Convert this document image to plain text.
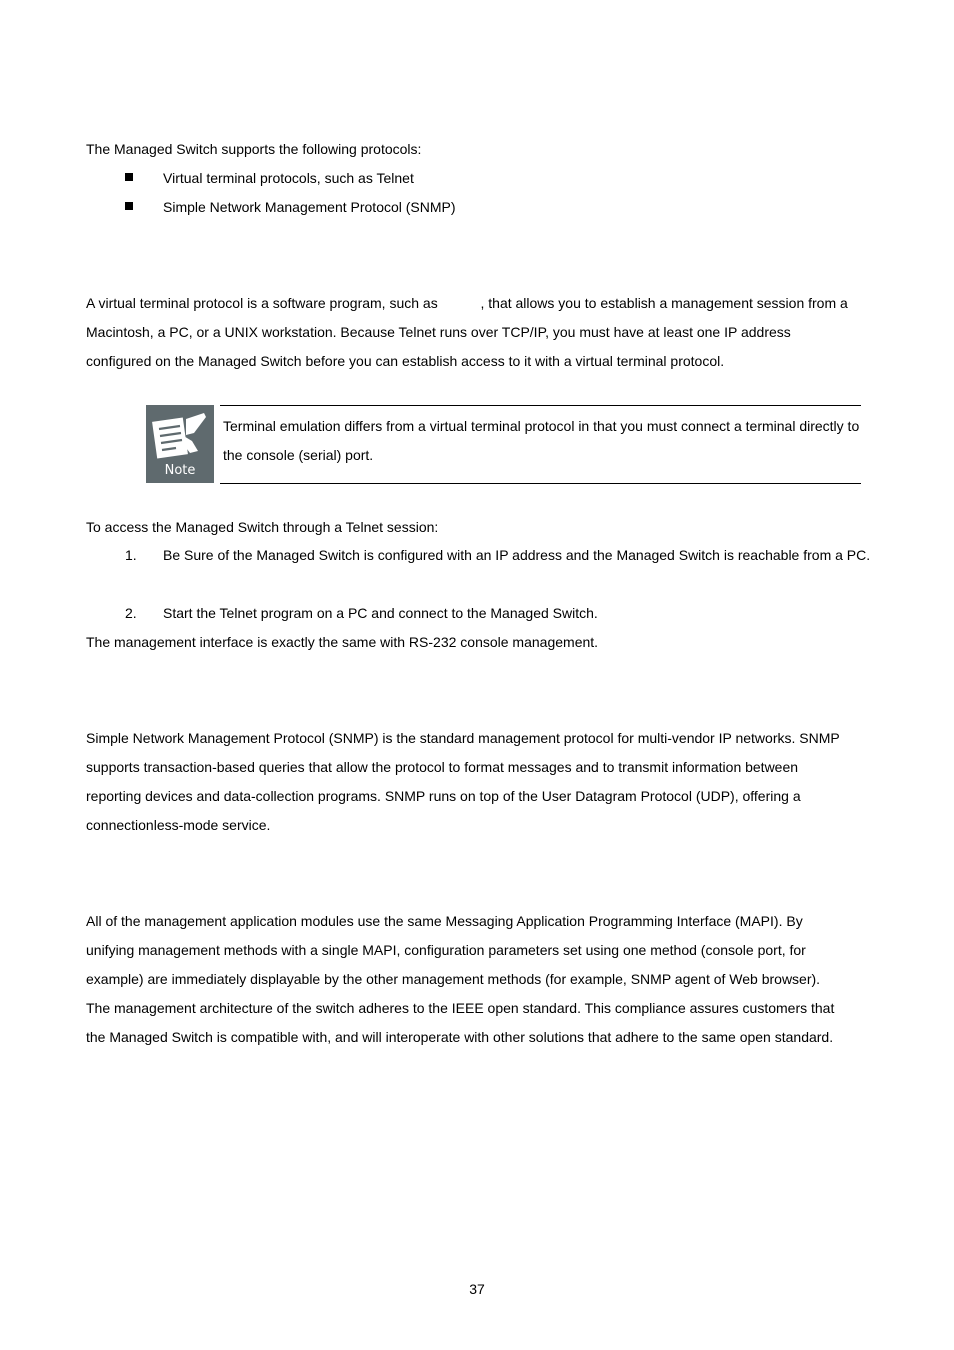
The Managed Switch supports the following protocols:
Virtual terminal protocols, such as Telnet
Simple Network Management Protocol (SNMP)
A virtual terminal protocol is a software program, such as           , that allows you to establish a management session from a
Macintosh, a PC, or a UNIX workstation. Because Telnet runs over TCP/IP, you must have at least one IP address
configured on the Managed Switch before you can establish access to it with a virtual terminal protocol.
Note
Terminal emulation differs from a virtual terminal protocol in that you must connect a terminal directly to the console (serial) port.
To access the Managed Switch through a Telnet session:
1. Be Sure of the Managed Switch is configured with an IP address and the Managed Switch is reachable from a PC.
2. Start the Telnet program on a PC and connect to the Managed Switch.
The management interface is exactly the same with RS-232 console management.
Simple Network Management Protocol (SNMP) is the standard management protocol for multi-vendor IP networks. SNMP
supports transaction-based queries that allow the protocol to format messages and to transmit information between
reporting devices and data-collection programs. SNMP runs on top of the User Datagram Protocol (UDP), offering a
connectionless-mode service.
All of the management application modules use the same Messaging Application Programming Interface (MAPI). By
unifying management methods with a single MAPI, configuration parameters set using one method (console port, for
example) are immediately displayable by the other management methods (for example, SNMP agent of Web browser).
The management architecture of the switch adheres to the IEEE open standard. This compliance assures customers that
the Managed Switch is compatible with, and will interoperate with other solutions that adhere to the same open standard.
37
